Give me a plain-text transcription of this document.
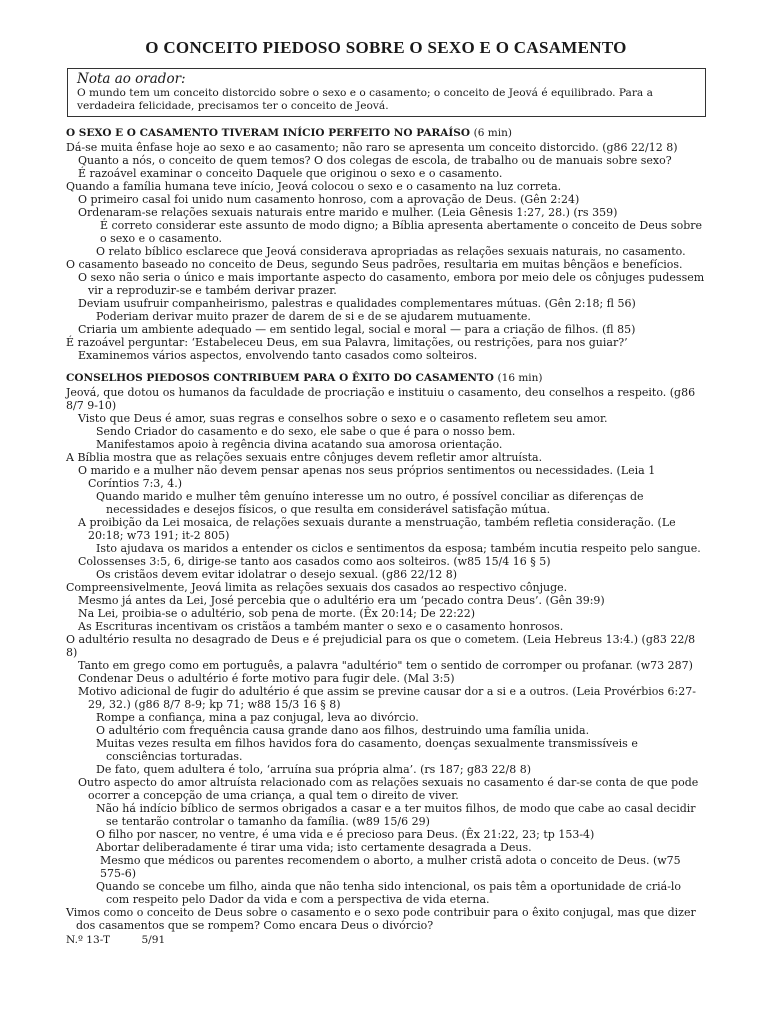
O CONCEITO PIEDOSO SOBRE O SEXO E O CASAMENTO
Nota ao orador:
O mundo tem um conceito distorcido sobre o sexo e o casamento; o conceito de Jeová é equilibrado. Para a verdadeira felicidade, precisamos ter o conceito de Jeová.
O SEXO E O CASAMENTO TIVERAM INÍCIO PERFEITO NO PARAÍSO (6 min)
Dá-se muita ênfase hoje ao sexo e ao casamento; não raro se apresenta um conceito distorcido. (g86 22/12 8)
Quanto a nós, o conceito de quem temos? O dos colegas de escola, de trabalho ou de manuais sobre sexo?
É razoável examinar o conceito Daquele que originou o sexo e o casamento.
Quando a família humana teve início, Jeová colocou o sexo e o casamento na luz correta.
O primeiro casal foi unido num casamento honroso, com a aprovação de Deus. (Gên 2:24)
Ordenaram-se relações sexuais naturais entre marido e mulher. (Leia Gênesis 1:27, 28.) (rs 359)
É correto considerar este assunto de modo digno; a Bíblia apresenta abertamente o conceito de Deus sobre o sexo e o casamento.
O relato bíblico esclarece que Jeová considerava apropriadas as relações sexuais naturais, no casamento.
O casamento baseado no conceito de Deus, segundo Seus padrões, resultaria em muitas bênçãos e benefícios.
O sexo não seria o único e mais importante aspecto do casamento, embora por meio dele os cônjuges pudessem vir a reproduzir-se e também derivar prazer.
Deviam usufruir companheirismo, palestras e qualidades complementares mútuas. (Gên 2:18; fl 56)
Poderiam derivar muito prazer de darem de si e de se ajudarem mutuamente.
Criaria um ambiente adequado — em sentido legal, social e moral — para a criação de filhos. (fl 85)
É razoável perguntar: ‘Estabeleceu Deus, em sua Palavra, limitações, ou restrições, para nos guiar?’
Examinemos vários aspectos, envolvendo tanto casados como solteiros.
CONSELHOS PIEDOSOS CONTRIBUEM PARA O ÊXITO DO CASAMENTO (16 min)
Jeová, que dotou os humanos da faculdade de procriação e instituiu o casamento, deu conselhos a respeito. (g86 8/7 9-10)
Visto que Deus é amor, suas regras e conselhos sobre o sexo e o casamento refletem seu amor.
Sendo Criador do casamento e do sexo, ele sabe o que é para o nosso bem.
Manifestamos apoio à regência divina acatando sua amorosa orientação.
A Bíblia mostra que as relações sexuais entre cônjuges devem refletir amor altruísta.
O marido e a mulher não devem pensar apenas nos seus próprios sentimentos ou necessidades. (Leia 1 Coríntios 7:3, 4.)
Quando marido e mulher têm genuíno interesse um no outro, é possível conciliar as diferenças de necessidades e desejos físicos, o que resulta em considerável satisfação mútua.
A proibição da Lei mosaica, de relações sexuais durante a menstruação, também refletia consideração. (Le 20:18; w73 191; it-2 805)
Isto ajudava os maridos a entender os ciclos e sentimentos da esposa; também incutia respeito pelo sangue.
Colossenses 3:5, 6, dirige-se tanto aos casados como aos solteiros. (w85 15/4 16 § 5)
Os cristãos devem evitar idolatrar o desejo sexual. (g86 22/12 8)
Compreensivelmente, Jeová limita as relações sexuais dos casados ao respectivo cônjuge.
Mesmo já antes da Lei, José percebia que o adultério era um ‘pecado contra Deus’. (Gên 39:9)
Na Lei, proibia-se o adultério, sob pena de morte. (Êx 20:14; De 22:22)
As Escrituras incentivam os cristãos a também manter o sexo e o casamento honrosos.
O adultério resulta no desagrado de Deus e é prejudicial para os que o cometem. (Leia Hebreus 13:4.) (g83 22/8 8)
Tanto em grego como em português, a palavra "adultério" tem o sentido de corromper ou profanar. (w73 287)
Condenar Deus o adultério é forte motivo para fugir dele. (Mal 3:5)
Motivo adicional de fugir do adultério é que assim se previne causar dor a si e a outros. (Leia Provérbios 6:27-29, 32.) (g86 8/7 8-9; kp 71; w88 15/3 16 § 8)
Rompe a confiança, mina a paz conjugal, leva ao divórcio.
O adultério com frequência causa grande dano aos filhos, destruindo uma família unida.
Muitas vezes resulta em filhos havidos fora do casamento, doenças sexualmente transmissíveis e consciências torturadas.
De fato, quem adultera é tolo, ‘arruína sua própria alma’. (rs 187; g83 22/8 8)
Outro aspecto do amor altruísta relacionado com as relações sexuais no casamento é dar-se conta de que pode ocorrer a concepção de uma criança, a qual tem o direito de viver.
Não há indício bíblico de sermos obrigados a casar e a ter muitos filhos, de modo que cabe ao casal decidir se tentarão controlar o tamanho da família. (w89 15/6 29)
O filho por nascer, no ventre, é uma vida e é precioso para Deus. (Êx 21:22, 23; tp 153-4)
Abortar deliberadamente é tirar uma vida; isto certamente desagrada a Deus.
Mesmo que médicos ou parentes recomendem o aborto, a mulher cristã adota o conceito de Deus. (w75 575-6)
Quando se concebe um filho, ainda que não tenha sido intencional, os pais têm a oportunidade de criá-lo com respeito pelo Dador da vida e com a perspectiva de vida eterna.
Vimos como o conceito de Deus sobre o casamento e o sexo pode contribuir para o êxito conjugal, mas que dizer dos casamentos que se rompem? Como encara Deus o divórcio?
N.º 13-T	5/91
